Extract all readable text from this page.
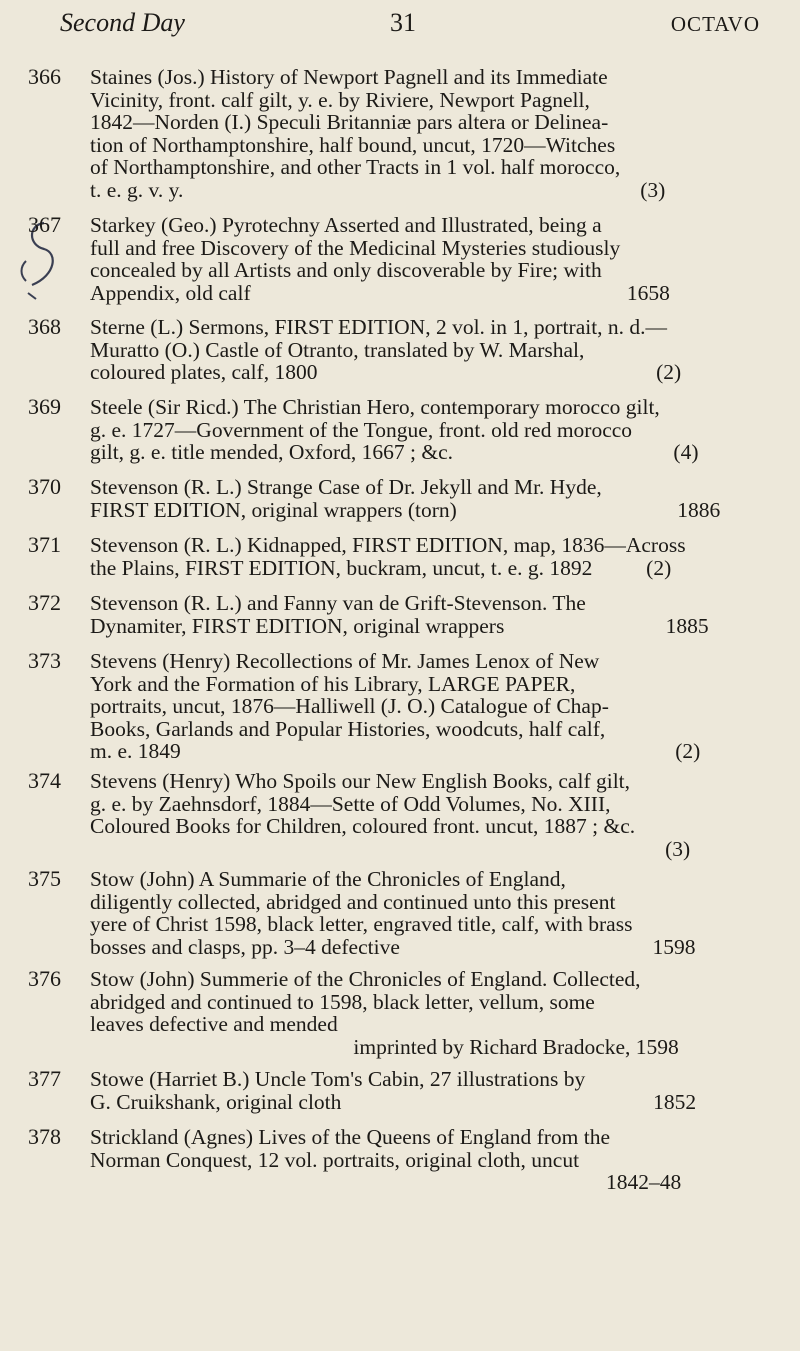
Second Day	31	OCTAVO
366	Staines (Jos.) History of Newport Pagnell and its Immediate
Vicinity, front. calf gilt, y. e. by Riviere, Newport Pagnell,
1842—Norden (I.) Speculi Britanniæ pars altera or Delinea-
tion of Northamptonshire, half bound, uncut, 1720—Witches
of Northamptonshire, and other Tracts in 1 vol. half morocco,
t. e. g. v. y.                                                                                     (3)
367	Starkey (Geo.) Pyrotechny Asserted and Illustrated, being a
full and free Discovery of the Medicinal Mysteries studiously
concealed by all Artists and only discoverable by Fire; with
Appendix, old calf                                                                      1658
368	Sterne (L.) Sermons, FIRST EDITION, 2 vol. in 1, portrait, n. d.—
Muratto (O.) Castle of Otranto, translated by W. Marshal,
coloured plates, calf, 1800                                                               (2)
369	Steele (Sir Ricd.) The Christian Hero, contemporary morocco gilt,
g. e. 1727—Government of the Tongue, front. old red morocco
gilt, g. e. title mended, Oxford, 1667 ; &c.                                         (4)
370	Stevenson (R. L.) Strange Case of Dr. Jekyll and Mr. Hyde,
FIRST EDITION, original wrappers (torn)                                         1886
371	Stevenson (R. L.) Kidnapped, FIRST EDITION, map, 1836—Across
the Plains, FIRST EDITION, buckram, uncut, t. e. g. 1892          (2)
372	Stevenson (R. L.) and Fanny van de Grift-Stevenson. The
Dynamiter, FIRST EDITION, original wrappers                              1885
373	Stevens (Henry) Recollections of Mr. James Lenox of New
York and the Formation of his Library, LARGE PAPER,
portraits, uncut, 1876—Halliwell (J. O.) Catalogue of Chap-
Books, Garlands and Popular Histories, woodcuts, half calf,
m. e. 1849                                                                                            (2)
374	Stevens (Henry) Who Spoils our New English Books, calf gilt,
g. e. by Zaehnsdorf, 1884—Sette of Odd Volumes, No. XIII,
Coloured Books for Children, coloured front. uncut, 1887 ; &c.
(3)
375	Stow (John) A Summarie of the Chronicles of England,
diligently collected, abridged and continued unto this present
yere of Christ 1598, black letter, engraved title, calf, with brass
bosses and clasps, pp. 3–4 defective                                               1598
376	Stow (John) Summerie of the Chronicles of England. Collected,
abridged and continued to 1598, black letter, vellum, some
leaves defective and mended
imprinted by Richard Bradocke, 1598
377	Stowe (Harriet B.) Uncle Tom's Cabin, 27 illustrations by
G. Cruikshank, original cloth                                                          1852
378	Strickland (Agnes) Lives of the Queens of England from the
Norman Conquest, 12 vol. portraits, original cloth, uncut
1842–48
